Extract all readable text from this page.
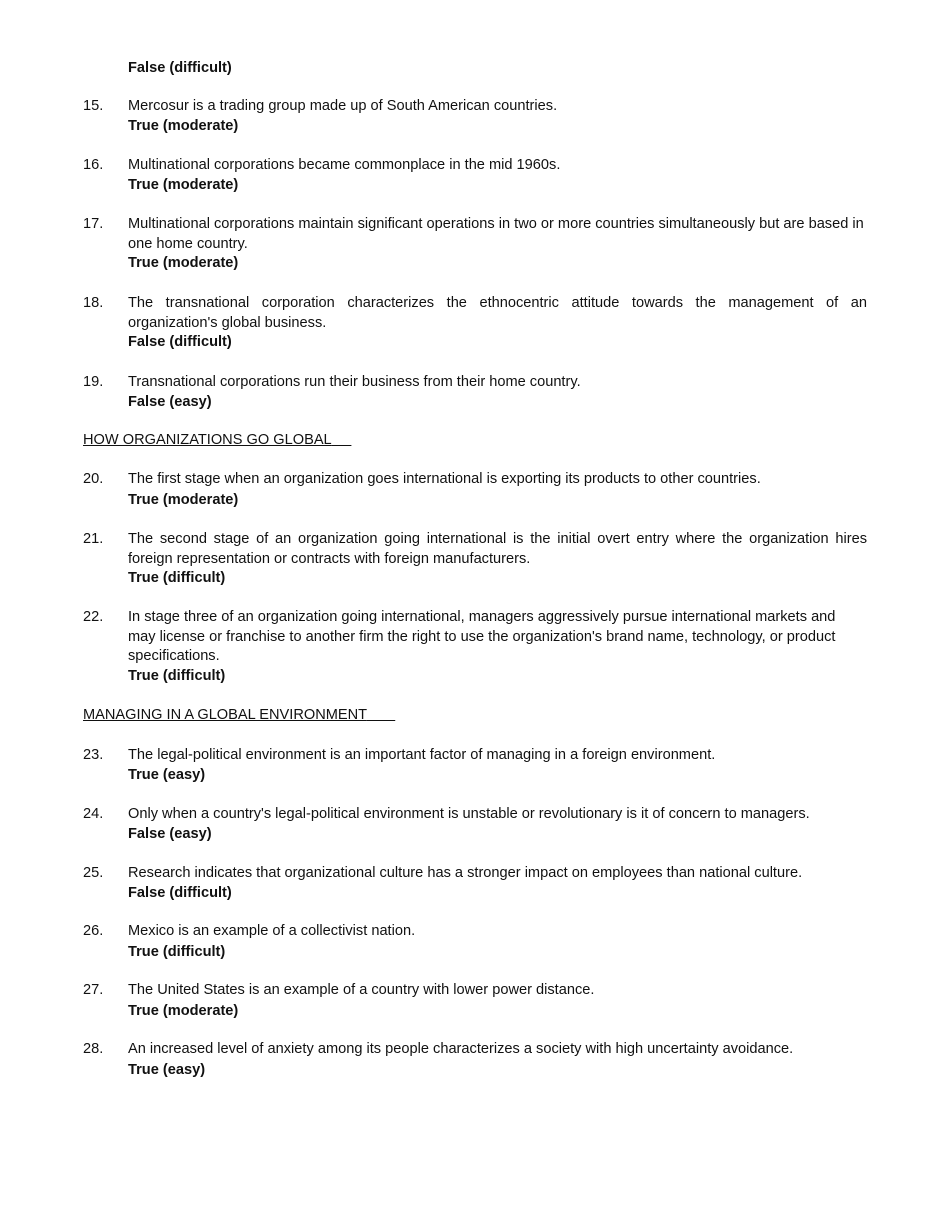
False (difficult)
15.	Mercosur is a trading group made up of South American countries.
True (moderate)
16.	Multinational corporations became commonplace in the mid 1960s.
True (moderate)
17.	Multinational corporations maintain significant operations in two or more countries simultaneously but are based in one home country.
True (moderate)
18.	The transnational corporation characterizes the ethnocentric attitude towards the management of an organization's global business.
False (difficult)
19.	Transnational corporations run their business from their home country.
False (easy)
HOW ORGANIZATIONS GO GLOBAL
20.	The first stage when an organization goes international is exporting its products to other countries.
True (moderate)
21.	The second stage of an organization going international is the initial overt entry where the organization hires foreign representation or contracts with foreign manufacturers.
True (difficult)
22.	In stage three of an organization going international, managers aggressively pursue international markets and may license or franchise to another firm the right to use the organization's brand name, technology, or product specifications.
True (difficult)
MANAGING IN A GLOBAL ENVIRONMENT
23.	The legal-political environment is an important factor of managing in a foreign environment.
True (easy)
24.	Only when a country's legal-political environment is unstable or revolutionary is it of concern to managers.
False (easy)
25.	Research indicates that organizational culture has a stronger impact on employees than national culture.
False (difficult)
26.	Mexico is an example of a collectivist nation.
True (difficult)
27.	The United States is an example of a country with lower power distance.
True (moderate)
28.	An increased level of anxiety among its people characterizes a society with high uncertainty avoidance.
True (easy)
